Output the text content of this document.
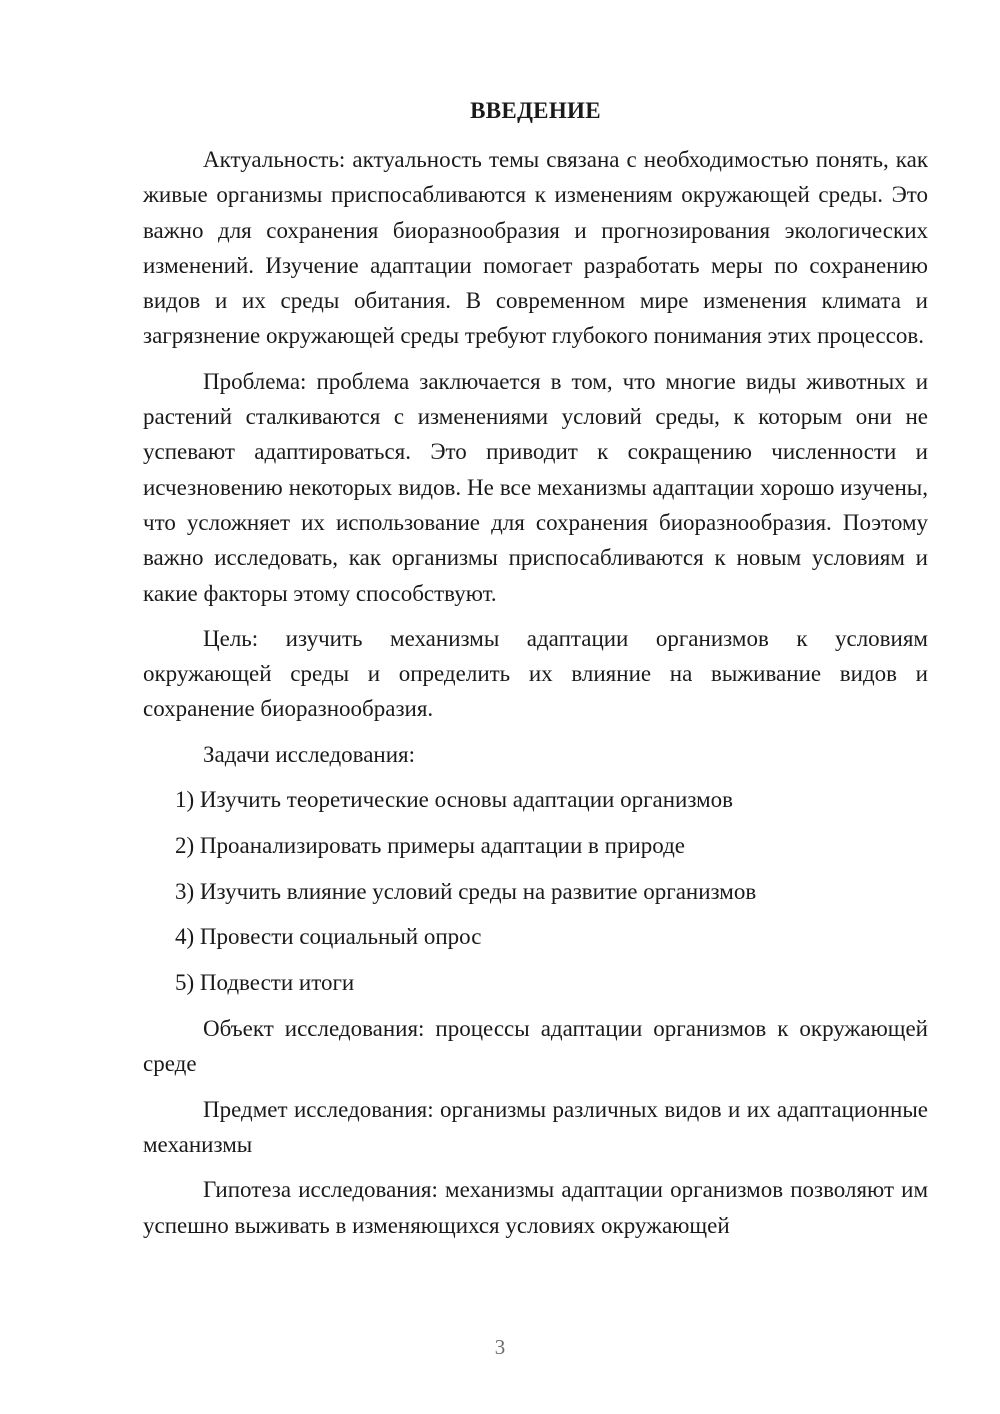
ВВЕДЕНИЕ

Актуальность: актуальность темы связана с необходимостью понять, как живые организмы приспосабливаются к изменениям окружающей среды. Это важно для сохранения биоразнообразия и прогнозирования экологических изменений. Изучение адаптации помогает разработать меры по сохранению видов и их среды обитания. В современном мире изменения климата и загрязнение окружающей среды требуют глубокого понимания этих процессов.

Проблема: проблема заключается в том, что многие виды животных и растений сталкиваются с изменениями условий среды, к которым они не успевают адаптироваться. Это приводит к сокращению численности и исчезновению некоторых видов. Не все механизмы адаптации хорошо изучены, что усложняет их использование для сохранения биоразнообразия. Поэтому важно исследовать, как организмы приспосабливаются к новым условиям и какие факторы этому способствуют.

Цель: изучить механизмы адаптации организмов к условиям окружающей среды и определить их влияние на выживание видов и сохранение биоразнообразия.

Задачи исследования:

1) Изучить теоретические основы адаптации организмов
2) Проанализировать примеры адаптации в природе
3) Изучить влияние условий среды на развитие организмов
4) Провести социальный опрос
5) Подвести итоги

Объект исследования: процессы адаптации организмов к окружающей среде

Предмет исследования: организмы различных видов и их адаптационные механизмы

Гипотеза исследования: механизмы адаптации организмов позволяют им успешно выживать в изменяющихся условиях окружающей

3
